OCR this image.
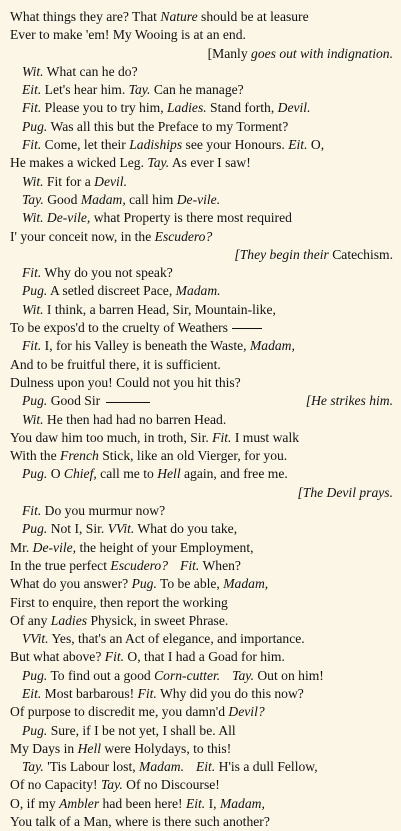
What things they are? That Nature should be at leasure
Ever to make 'em! My Wooing is at an end.
[Manly goes out with indignation.
Wit. What can he do?
Eit. Let's hear him. Tay. Can he manage?
Fit. Please you to try him, Ladies. Stand forth, Devil.
Pug. Was all this but the Preface to my Torment?
Fit. Come, let their Ladiships see your Honours. Eit. O,
He makes a wicked Leg. Tay. As ever I saw!
Wit. Fit for a Devil.
Tay. Good Madam, call him De-vile.
Wit. De-vile, what Property is there most required
I' your conceit now, in the Escudero?
[They begin their Catechism.
Fit. Why do you not speak?
Pug. A setled discreet Pace, Madam.
Wit. I think, a barren Head, Sir, Mountain-like,
To be expos'd to the cruelty of Weathers
Fit. I, for his Valley is beneath the Waste, Madam,
And to be fruitful there, it is sufficient.
Dulness upon you! Could not you hit this?
Pug. Good Sir	[He strikes him.
Wit. He then had had no barren Head.
You daw him too much, in troth, Sir. Fit. I must walk
With the French Stick, like an old Vierger, for you.
Pug. O Chief, call me to Hell again, and free me.
[The Devil prays.
Fit. Do you murmur now?
Pug. Not I, Sir. VVit. What do you take,
Mr. De-vile, the height of your Employment,
In the true perfect Escudero? Fit. When?
What do you answer? Pug. To be able, Madam,
First to enquire, then report the working
Of any Ladies Physick, in sweet Phrase.
VVit. Yes, that's an Act of elegance, and importance.
But what above? Fit. O, that I had a Goad for him.
Pug. To find out a good Corn-cutter. Tay. Out on him!
Eit. Most barbarous! Fit. Why did you do this now?
Of purpose to discredit me, you damn'd Devil?
Pug. Sure, if I be not yet, I shall be. All
My Days in Hell were Holydays, to this!
Tay. 'Tis Labour lost, Madam. Eit. H'is a dull Fellow,
Of no Capacity! Tay. Of no Discourse!
O, if my Ambler had been here! Eit. I, Madam,
You talk of a Man, where is there such another?
